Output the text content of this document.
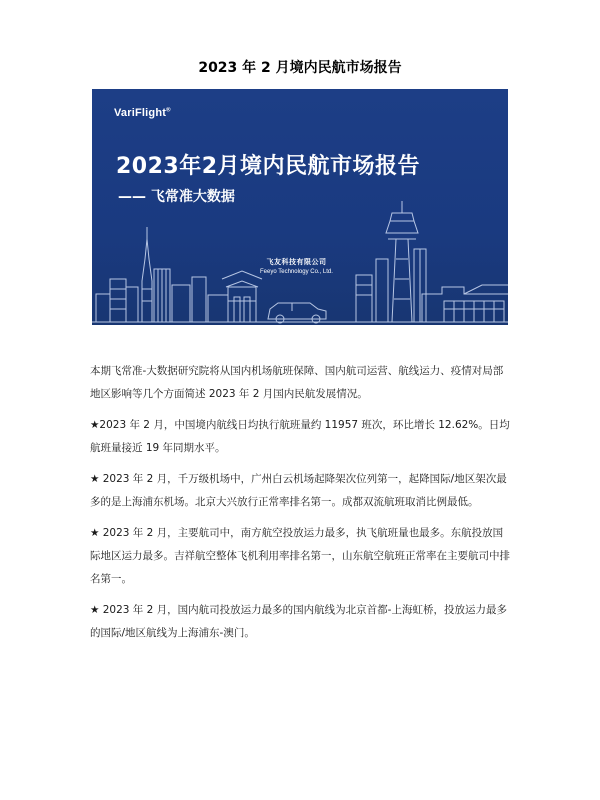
2023 年 2 月境内民航市场报告
VariFlight®
2023年2月境内民航市场报告
—— 飞常准大数据
飞友科技有限公司
Feeyo Technology Co., Ltd.

本期飞常准-大数据研究院将从国内机场航班保障、国内航司运营、航线运力、疫情对局部地区影响等几个方面简述 2023 年 2 月国内民航发展情况。

★2023 年 2 月，中国境内航线日均执行航班量约 11957 班次，环比增长 12.62%。日均航班量接近 19 年同期水平。

★ 2023 年 2 月，千万级机场中，广州白云机场起降架次位列第一，起降国际/地区架次最多的是上海浦东机场。北京大兴放行正常率排名第一。成都双流航班取消比例最低。

★ 2023 年 2 月，主要航司中，南方航空投放运力最多，执飞航班量也最多。东航投放国际地区运力最多。吉祥航空整体飞机利用率排名第一，山东航空航班正常率在主要航司中排名第一。

★ 2023 年 2 月，国内航司投放运力最多的国内航线为北京首都-上海虹桥，投放运力最多的国际/地区航线为上海浦东-澳门。
